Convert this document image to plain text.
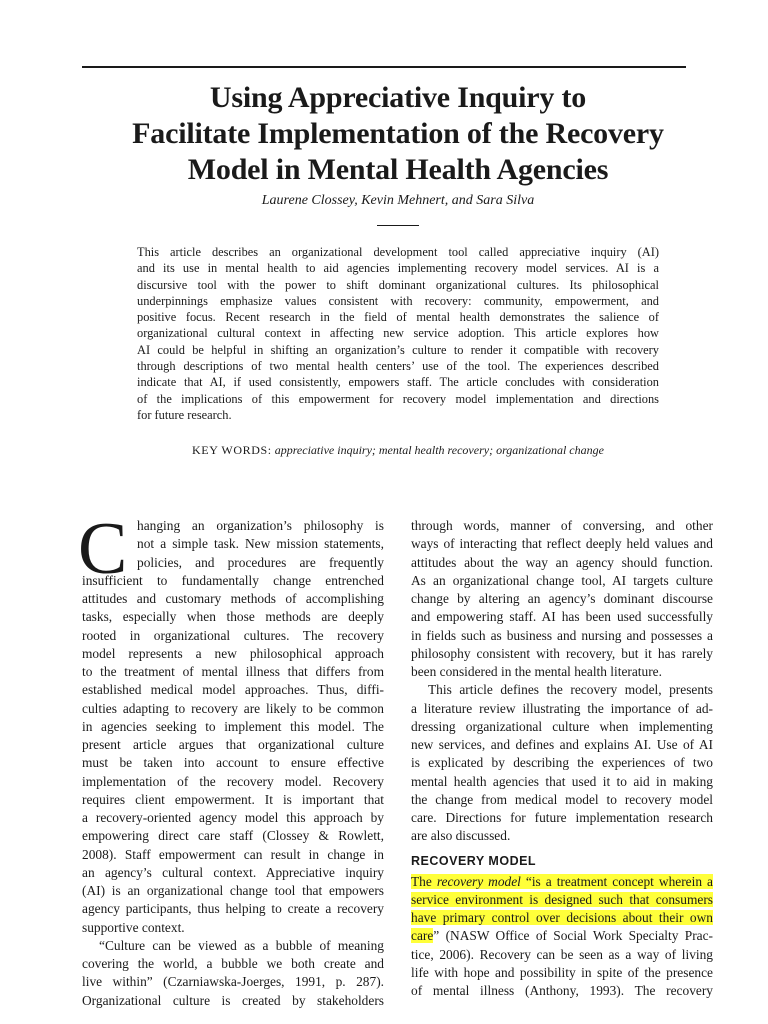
Using Appreciative Inquiry to
Facilitate Implementation of the Recovery
Model in Mental Health Agencies
Laurene Clossey, Kevin Mehnert, and Sara Silva
This article describes an organizational development tool called appreciative inquiry (AI)
and its use in mental health to aid agencies implementing recovery model services. AI is a
discursive tool with the power to shift dominant organizational cultures. Its philosophical
underpinnings emphasize values consistent with recovery: community, empowerment, and
positive focus. Recent research in the field of mental health demonstrates the salience of
organizational cultural context in affecting new service adoption. This article explores how
AI could be helpful in shifting an organization’s culture to render it compatible with recovery
through descriptions of two mental health centers’ use of the tool. The experiences described
indicate that AI, if used consistently, empowers staff. The article concludes with consideration
of the implications of this empowerment for recovery model implementation and directions
for future research.
KEY WORDS: appreciative inquiry; mental health recovery; organizational change
C hanging an organization’s philosophy is
not a simple task. New mission statements,
policies, and procedures are frequently
insufficient to fundamentally change entrenched
attitudes and customary methods of accomplishing
tasks, especially when those methods are deeply
rooted in organizational cultures. The recovery
model represents a new philosophical approach
to the treatment of mental illness that differs from
established medical model approaches. Thus, diffi-
culties adapting to recovery are likely to be common
in agencies seeking to implement this model. The
present article argues that organizational culture
must be taken into account to ensure effective
implementation of the recovery model. Recovery
requires client empowerment. It is important that
a recovery-oriented agency model this approach by
empowering direct care staff (Clossey & Rowlett,
2008). Staff empowerment can result in change in
an agency’s cultural context. Appreciative inquiry
(AI) is an organizational change tool that empowers
agency participants, thus helping to create a recovery
supportive context.
“Culture can be viewed as a bubble of meaning
covering the world, a bubble we both create and
live within” (Czarniawska-Joerges, 1991, p. 287).
Organizational culture is created by stakeholders
through words, manner of conversing, and other
ways of interacting that reflect deeply held values and
attitudes about the way an agency should function.
As an organizational change tool, AI targets culture
change by altering an agency’s dominant discourse
and empowering staff. AI has been used successfully
in fields such as business and nursing and possesses a
philosophy consistent with recovery, but it has rarely
been considered in the mental health literature.
This article defines the recovery model, presents
a literature review illustrating the importance of ad-
dressing organizational culture when implementing
new services, and defines and explains AI. Use of AI
is explicated by describing the experiences of two
mental health agencies that used it to aid in making
the change from medical model to recovery model
care. Directions for future implementation research
are also discussed.
RECOVERY MODEL
The recovery model “is a treatment concept wherein a
service environment is designed such that consumers
have primary control over decisions about their own
care” (NASW Office of Social Work Specialty Prac-
tice, 2006). Recovery can be seen as a way of living
life with hope and possibility in spite of the presence
of mental illness (Anthony, 1993). The recovery
